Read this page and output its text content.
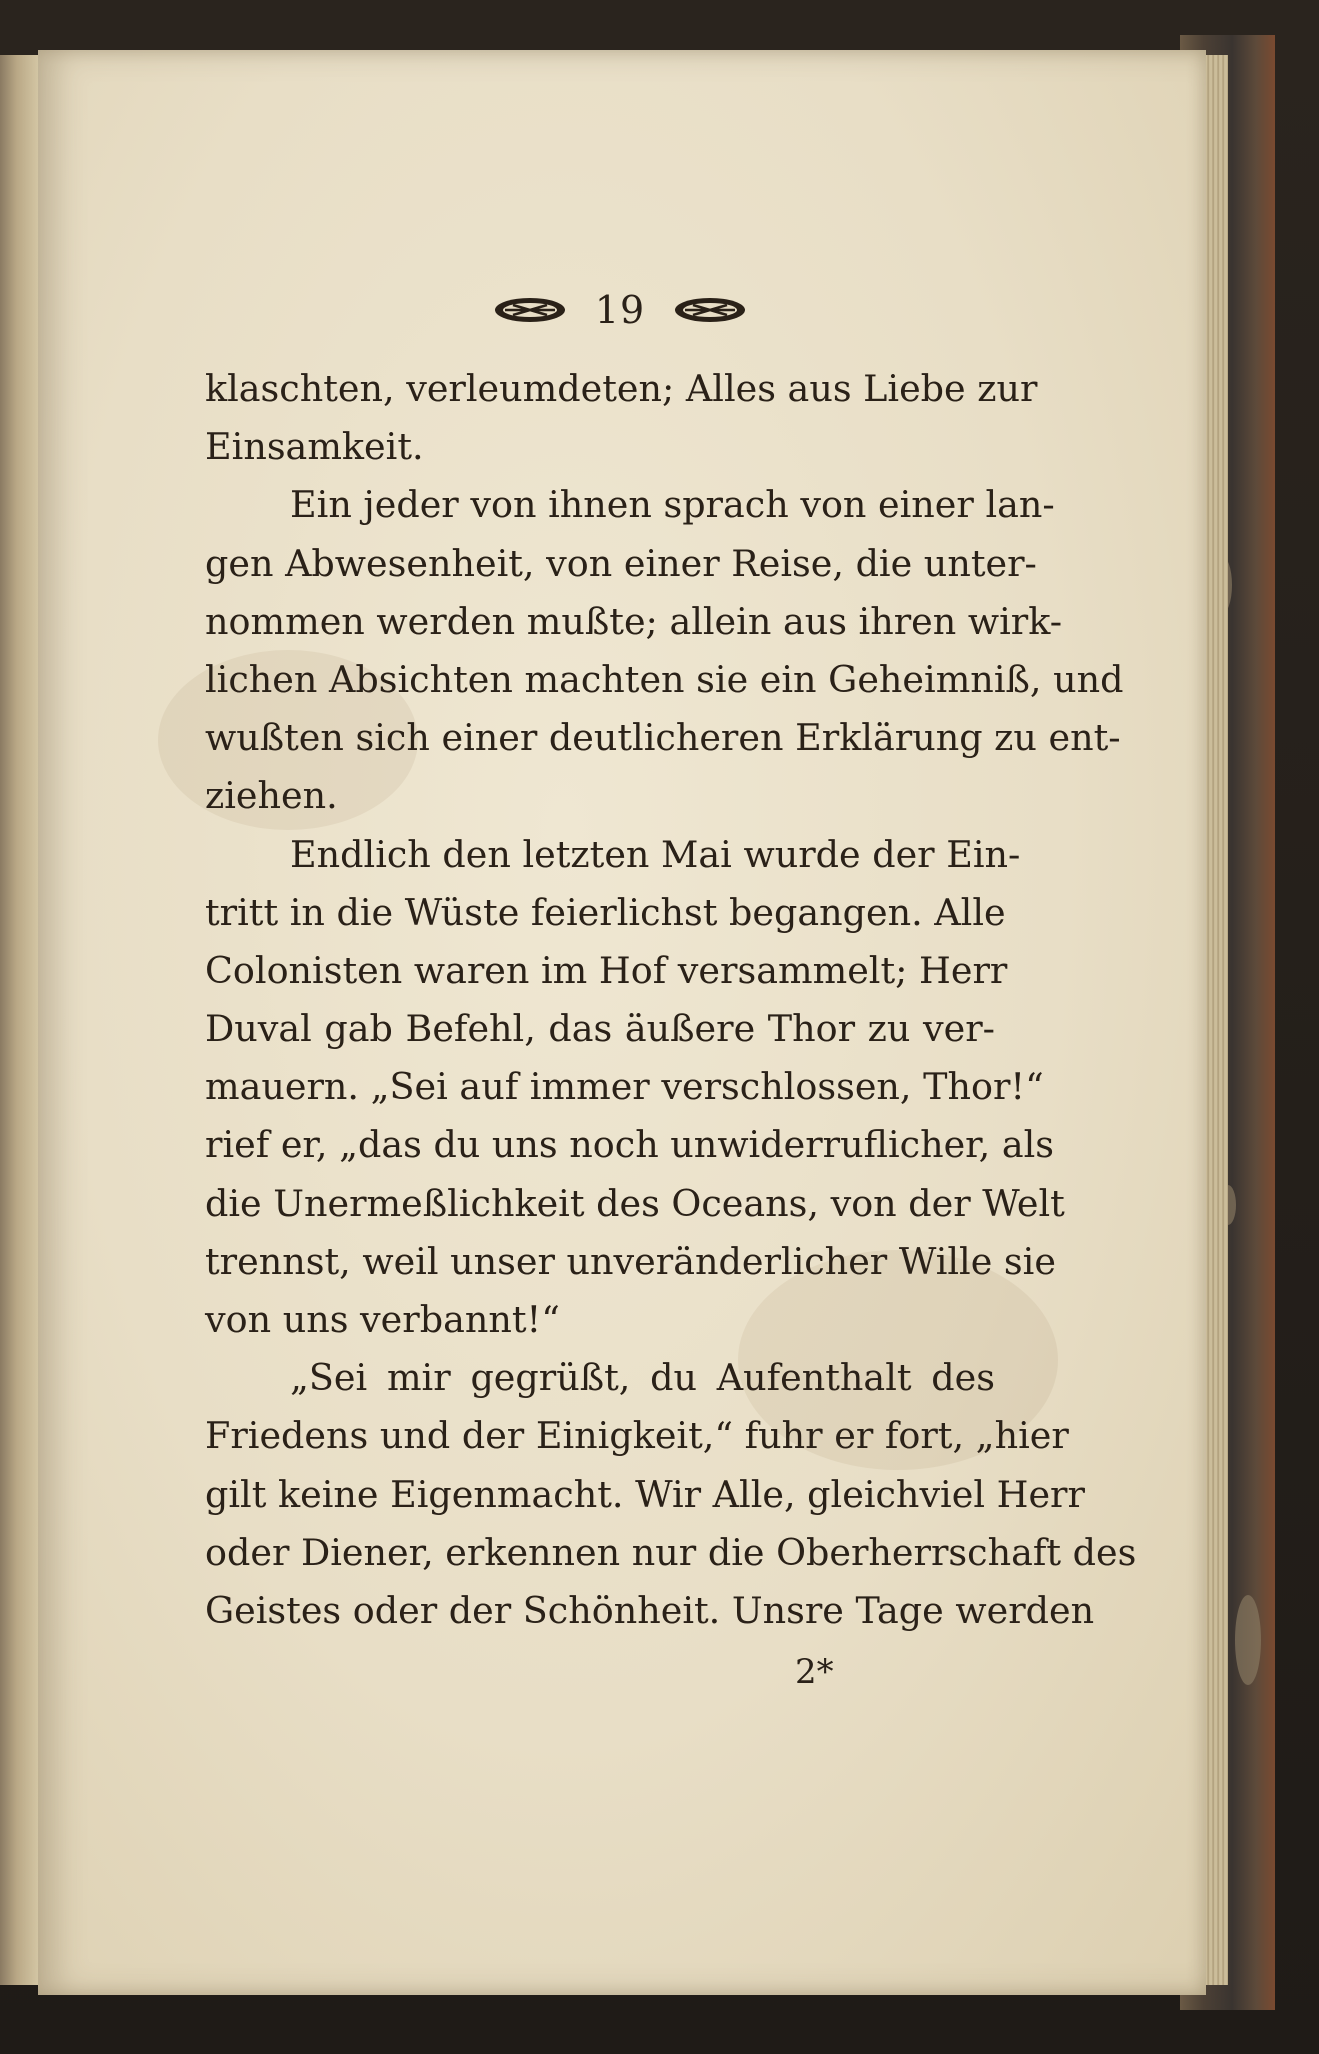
19
klaschten, verleumdeten; Alles aus Liebe zur
Einsamkeit.
Ein jeder von ihnen sprach von einer lan-
gen Abwesenheit, von einer Reise, die unter-
nommen werden mußte; allein aus ihren wirk-
lichen Absichten machten sie ein Geheimniß, und
wußten sich einer deutlicheren Erklärung zu ent-
ziehen.
Endlich den letzten Mai wurde der Ein-
tritt in die Wüste feierlichst begangen. Alle
Colonisten waren im Hof versammelt; Herr
Duval gab Befehl, das äußere Thor zu ver-
mauern. „Sei auf immer verschlossen, Thor!“
rief er, „das du uns noch unwiderruflicher, als
die Unermeßlichkeit des Oceans, von der Welt
trennst, weil unser unveränderlicher Wille sie
von uns verbannt!“
„Sei mir gegrüßt, du Aufenthalt des
Friedens und der Einigkeit,“ fuhr er fort, „hier
gilt keine Eigenmacht. Wir Alle, gleichviel Herr
oder Diener, erkennen nur die Oberherrschaft des
Geistes oder der Schönheit. Unsre Tage werden
2*
